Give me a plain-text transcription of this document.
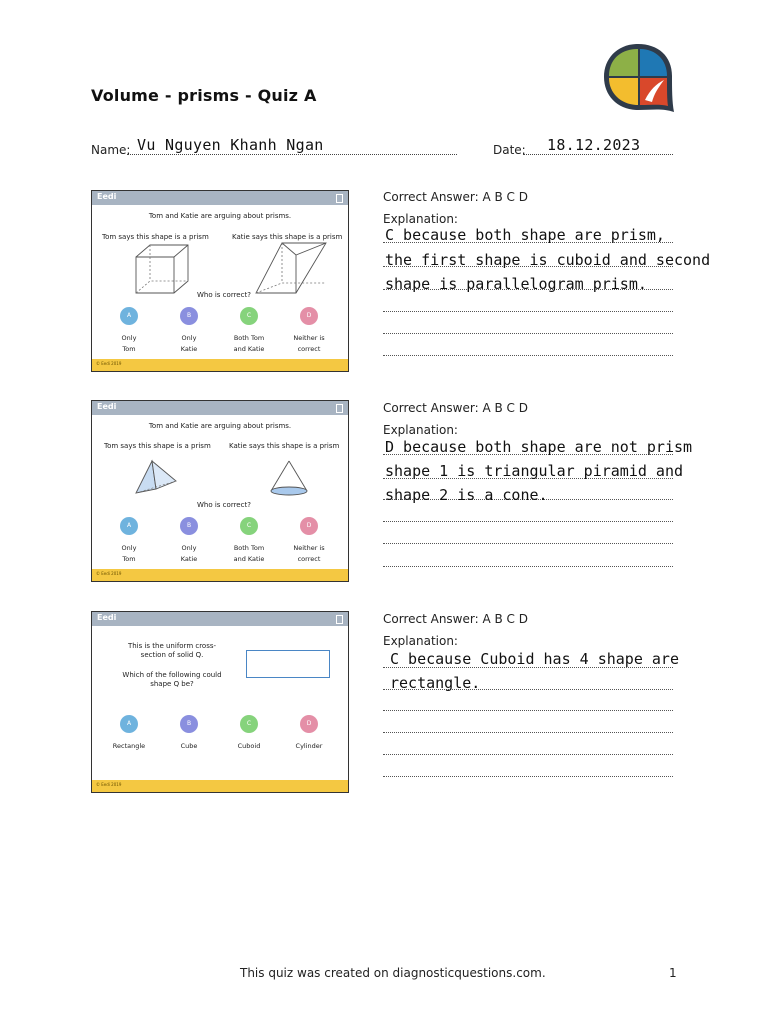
Volume - prisms - Quiz A
Name: Vu Nguyen Khanh Ngan	Date: 18.12.2023
Eedi
Tom and Katie are arguing about prisms.
Tom says this shape is a prism	Katie says this shape is a prism
Who is correct?
A
Only
Tom
B
Only
Katie
C
Both Tom
and Katie
D
Neither is
correct
© Eedi 2019
Correct Answer: A B C D
Explanation:
C because both shape are prism,
the first shape is cuboid and second
shape is parallelogram prism.
Eedi
Tom and Katie are arguing about prisms.
Tom says this shape is a prism	Katie says this shape is a prism
Who is correct?
A
Only
Tom
B
Only
Katie
C
Both Tom
and Katie
D
Neither is
correct
© Eedi 2019
Correct Answer: A B C D
Explanation:
D because both shape are not prism
shape 1 is triangular piramid and
shape 2 is a cone.
Eedi
This is the uniform cross-
section of solid Q.
Which of the following could
shape Q be?
A
Rectangle
B
Cube
C
Cuboid
D
Cylinder
© Eedi 2019
Correct Answer: A B C D
Explanation:
C because Cuboid has 4 shape are
rectangle.
This quiz was created on diagnosticquestions.com.	1
